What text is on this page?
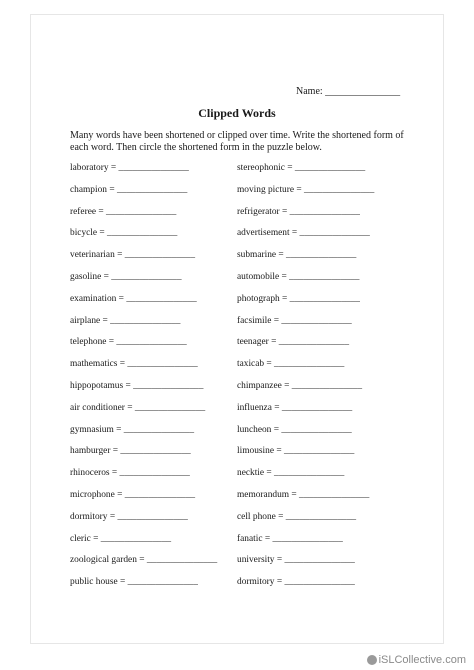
Name: _______________
Clipped Words
Many words have been shortened or clipped over time. Write the shortened form of each word. Then circle the shortened form in the puzzle below.
laboratory = _______________	stereophonic = _______________
champion = _______________	moving picture = _______________
referee = _______________	refrigerator = _______________
bicycle = _______________	advertisement = _______________
veterinarian = _______________	submarine = _______________
gasoline = _______________	automobile = _______________
examination = _______________	photograph = _______________
airplane = _______________	facsimile = _______________
telephone = _______________	teenager = _______________
mathematics = _______________	taxicab = _______________
hippopotamus = _______________	chimpanzee = _______________
air conditioner = _______________	influenza = _______________
gymnasium = _______________	luncheon = _______________
hamburger = _______________	limousine = _______________
rhinoceros = _______________	necktie = _______________
microphone = _______________	memorandum = _______________
dormitory = _______________	cell phone = _______________
cleric = _______________	fanatic = _______________
zoological garden = _______________	university = _______________
public house = _______________	dormitory = _______________
iSLCollective.com
